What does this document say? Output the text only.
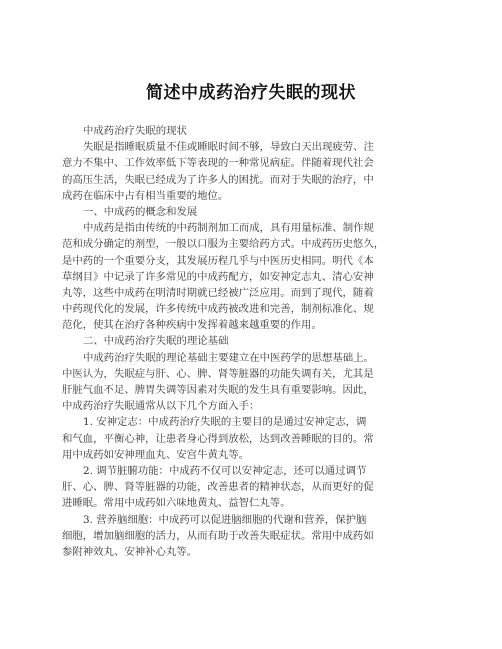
简述中成药治疗失眠的现状
中成药治疗失眠的现状
失眠是指睡眠质量不佳或睡眠时间不够，导致白天出现疲劳、注
意力不集中、工作效率低下等表现的一种常见病症。伴随着现代社会
的高压生活，失眠已经成为了许多人的困扰。而对于失眠的治疗，中
成药在临床中占有相当重要的地位。
一、中成药的概念和发展
中成药是指由传统的中药制剂加工而成，具有用量标准、制作规
范和成分确定的剂型，一般以口服为主要给药方式。中成药历史悠久，
是中药的一个重要分支，其发展历程几乎与中医历史相同。明代《本
草纲目》中记录了许多常见的中成药配方，如安神定志丸、清心安神
丸等，这些中成药在明清时期就已经被广泛应用。而到了现代，随着
中药现代化的发展，许多传统中成药被改进和完善，制剂标准化、规
范化，使其在治疗各种疾病中发挥着越来越重要的作用。
二、中成药治疗失眠的理论基础
中成药治疗失眠的理论基础主要建立在中医药学的思想基础上。
中医认为，失眠症与肝、心、脾、肾等脏器的功能失调有关，尤其是
肝脏气血不足、脾胃失调等因素对失眠的发生具有重要影响。因此，
中成药治疗失眠通常从以下几个方面入手：
1. 安神定志：中成药治疗失眠的主要目的是通过安神定志，调
和气血，平衡心神，让患者身心得到放松，达到改善睡眠的目的。常
用中成药如安神理血丸、安宫牛黄丸等。
2. 调节脏腑功能：中成药不仅可以安神定志，还可以通过调节
肝、心、脾、肾等脏器的功能，改善患者的精神状态，从而更好的促
进睡眠。常用中成药如六味地黄丸、益智仁丸等。
3. 营养脑细胞：中成药可以促进脑细胞的代谢和营养，保护脑
细胞，增加脑细胞的活力，从而有助于改善失眠症状。常用中成药如
参附神效丸、安神补心丸等。
